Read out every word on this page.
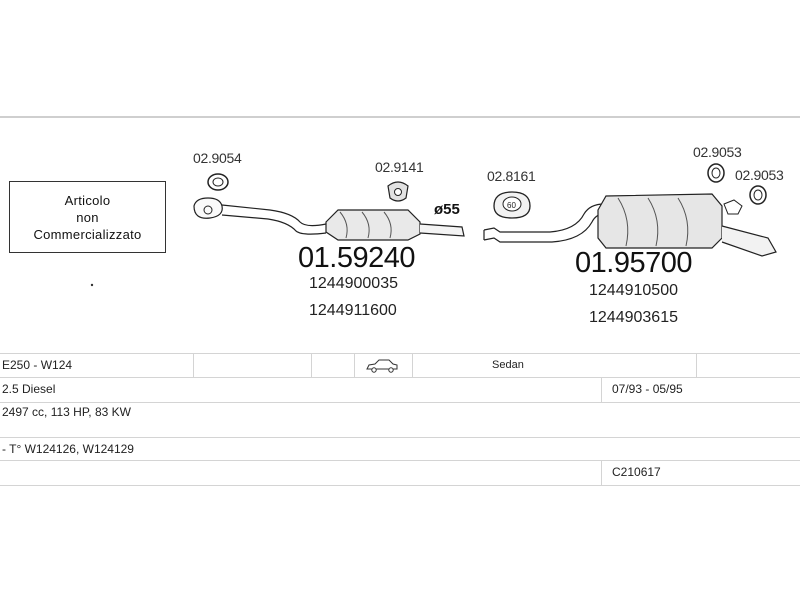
Articolo
non
Commercializzato
60
02.9054
02.9141
ø55
01.59240
1244900035
1244911600
02.8161
02.9053
02.9053
01.95700
1244910500
1244903615
E250 - W124	Sedan
2.5 Diesel	07/93 - 05/95
2497 cc, 113 HP, 83 KW
- T° W124126, W124129
C210617
